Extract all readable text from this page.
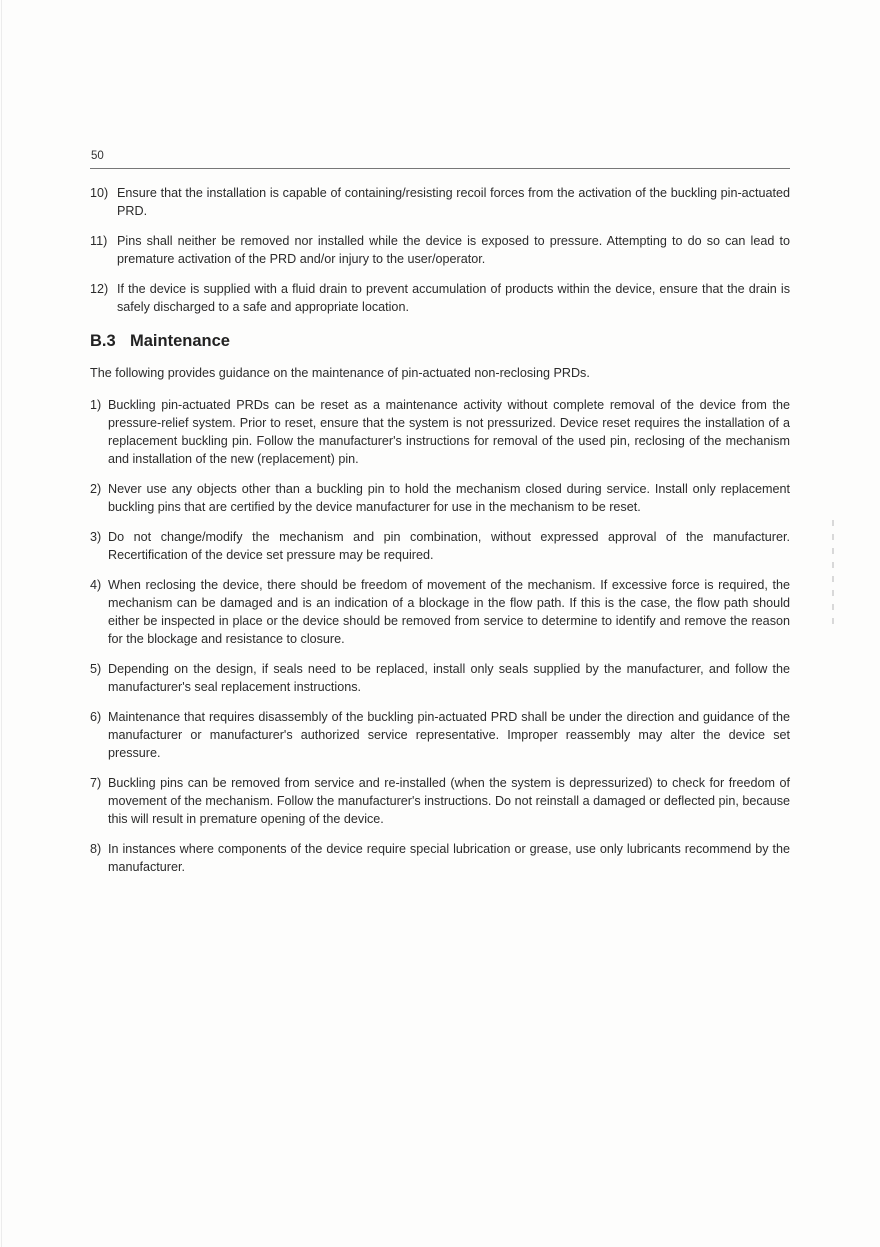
50
10) Ensure that the installation is capable of containing/resisting recoil forces from the activation of the buckling pin-actuated PRD.
11) Pins shall neither be removed nor installed while the device is exposed to pressure. Attempting to do so can lead to premature activation of the PRD and/or injury to the user/operator.
12) If the device is supplied with a fluid drain to prevent accumulation of products within the device, ensure that the drain is safely discharged to a safe and appropriate location.
B.3 Maintenance
The following provides guidance on the maintenance of pin-actuated non-reclosing PRDs.
1) Buckling pin-actuated PRDs can be reset as a maintenance activity without complete removal of the device from the pressure-relief system. Prior to reset, ensure that the system is not pressurized. Device reset requires the installation of a replacement buckling pin. Follow the manufacturer's instructions for removal of the used pin, reclosing of the mechanism and installation of the new (replacement) pin.
2) Never use any objects other than a buckling pin to hold the mechanism closed during service. Install only replacement buckling pins that are certified by the device manufacturer for use in the mechanism to be reset.
3) Do not change/modify the mechanism and pin combination, without expressed approval of the manufacturer. Recertification of the device set pressure may be required.
4) When reclosing the device, there should be freedom of movement of the mechanism. If excessive force is required, the mechanism can be damaged and is an indication of a blockage in the flow path. If this is the case, the flow path should either be inspected in place or the device should be removed from service to determine to identify and remove the reason for the blockage and resistance to closure.
5) Depending on the design, if seals need to be replaced, install only seals supplied by the manufacturer, and follow the manufacturer's seal replacement instructions.
6) Maintenance that requires disassembly of the buckling pin-actuated PRD shall be under the direction and guidance of the manufacturer or manufacturer's authorized service representative. Improper reassembly may alter the device set pressure.
7) Buckling pins can be removed from service and re-installed (when the system is depressurized) to check for freedom of movement of the mechanism. Follow the manufacturer's instructions. Do not reinstall a damaged or deflected pin, because this will result in premature opening of the device.
8) In instances where components of the device require special lubrication or grease, use only lubricants recommend by the manufacturer.
